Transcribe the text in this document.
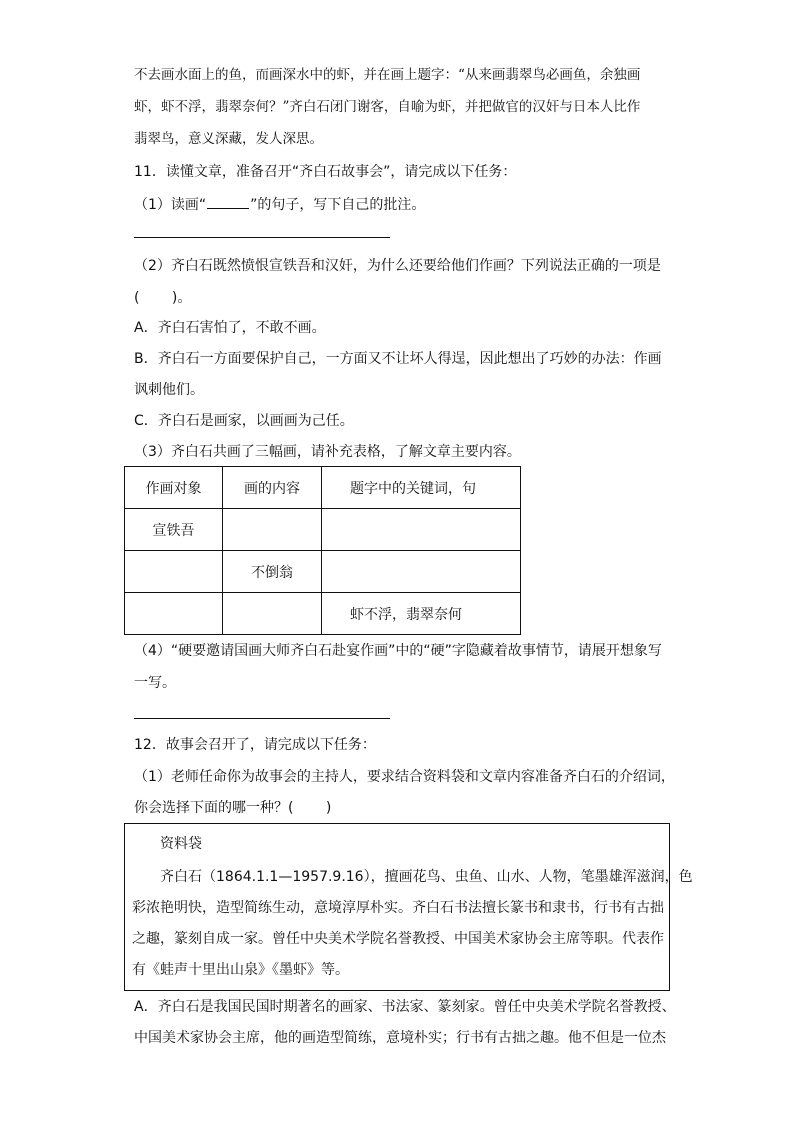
不去画水面上的鱼，而画深水中的虾，并在画上题字：“从来画翡翠鸟必画鱼，余独画
虾，虾不浮，翡翠奈何？”齐白石闭门谢客，自喻为虾，并把做官的汉奸与日本人比作
翡翠鸟，意义深藏，发人深思。
11．读懂文章，准备召开“齐白石故事会”，请完成以下任务：
（1）读画“	”的句子，写下自己的批注。
（2）齐白石既然愤恨宣铁吾和汉奸，为什么还要给他们作画？下列说法正确的一项是
(　　 )。
A．齐白石害怕了，不敢不画。
B．齐白石一方面要保护自己，一方面又不让坏人得逞，因此想出了巧妙的办法：作画
讽刺他们。
C．齐白石是画家，以画画为己任。
（3）齐白石共画了三幅画，请补充表格，了解文章主要内容。
作画对象	画的内容	题字中的关键词，句
宣铁吾		
	不倒翁	
		虾不浮，翡翠奈何
（4）“硬要邀请国画大师齐白石赴宴作画”中的“硬”字隐藏着故事情节，请展开想象写
一写。
12．故事会召开了，请完成以下任务：
（1）老师任命你为故事会的主持人，要求结合资料袋和文章内容准备齐白石的介绍词，
你会选择下面的哪一种？(　　 )
资料袋
齐白石（1864.1.1—1957.9.16），擅画花鸟、虫鱼、山水、人物，笔墨雄浑滋润，色
彩浓艳明快，造型简练生动，意境淳厚朴实。齐白石书法擅长篆书和隶书，行书有古拙
之趣，篆刻自成一家。曾任中央美术学院名誉教授、中国美术家协会主席等职。代表作
有《蛙声十里出山泉》《墨虾》等。
A．齐白石是我国民国时期著名的画家、书法家、篆刻家。曾任中央美术学院名誉教授、
中国美术家协会主席，他的画造型简练，意境朴实；行书有古拙之趣。他不但是一位杰
